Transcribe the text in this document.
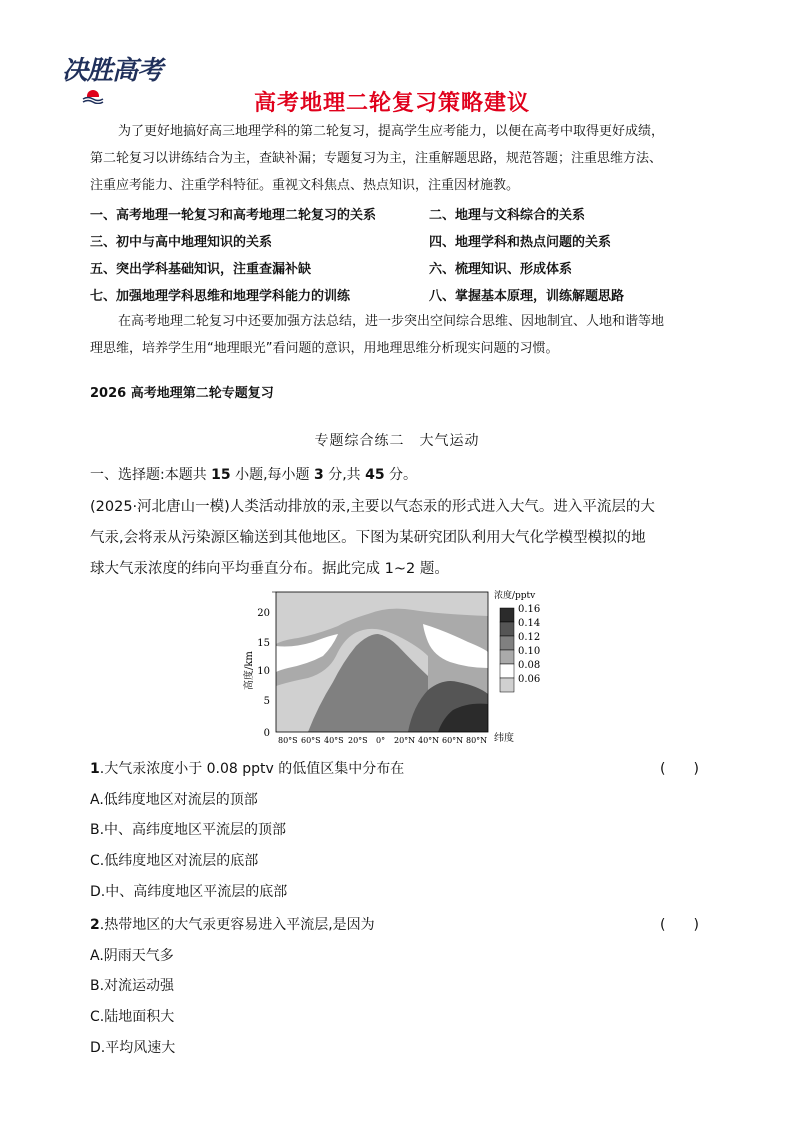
决胜高考
高考地理二轮复习策略建议
为了更好地搞好高三地理学科的第二轮复习，提高学生应考能力，以便在高考中取得更好成绩，
第二轮复习以讲练结合为主，查缺补漏；专题复习为主，注重解题思路，规范答题；注重思维方法、
注重应考能力、注重学科特征。重视文科焦点、热点知识，注重因材施教。
一、高考地理一轮复习和高考地理二轮复习的关系	二、地理与文科综合的关系
三、初中与高中地理知识的关系	四、地理学科和热点问题的关系
五、突出学科基础知识，注重查漏补缺	六、梳理知识、形成体系
七、加强地理学科思维和地理学科能力的训练	八、掌握基本原理，训练解题思路
在高考地理二轮复习中还要加强方法总结，进一步突出空间综合思维、因地制宜、人地和谐等地
理思维，培养学生用“地理眼光”看问题的意识，用地理思维分析现实问题的习惯。
2026 高考地理第二轮专题复习
专题综合练二　大气运动
一、选择题:本题共 15 小题,每小题 3 分,共 45 分。
(2025·河北唐山一模)人类活动排放的汞,主要以气态汞的形式进入大气。进入平流层的大
气汞,会将汞从污染源区输送到其他地区。下图为某研究团队利用大气化学模型模拟的地
球大气汞浓度的纬向平均垂直分布。据此完成 1~2 题。
20
15
10
5
0
高度/km
80°S 60°S 40°S 20°S 0° 20°N 40°N 60°N 80°N 纬度
浓度/pptv
0.16
0.14
0.12
0.10
0.08
0.06
1.大气汞浓度小于 0.08 pptv 的低值区集中分布在	(　　)
A.低纬度地区对流层的顶部
B.中、高纬度地区平流层的顶部
C.低纬度地区对流层的底部
D.中、高纬度地区平流层的底部
2.热带地区的大气汞更容易进入平流层,是因为	(　　)
A.阴雨天气多
B.对流运动强
C.陆地面积大
D.平均风速大
